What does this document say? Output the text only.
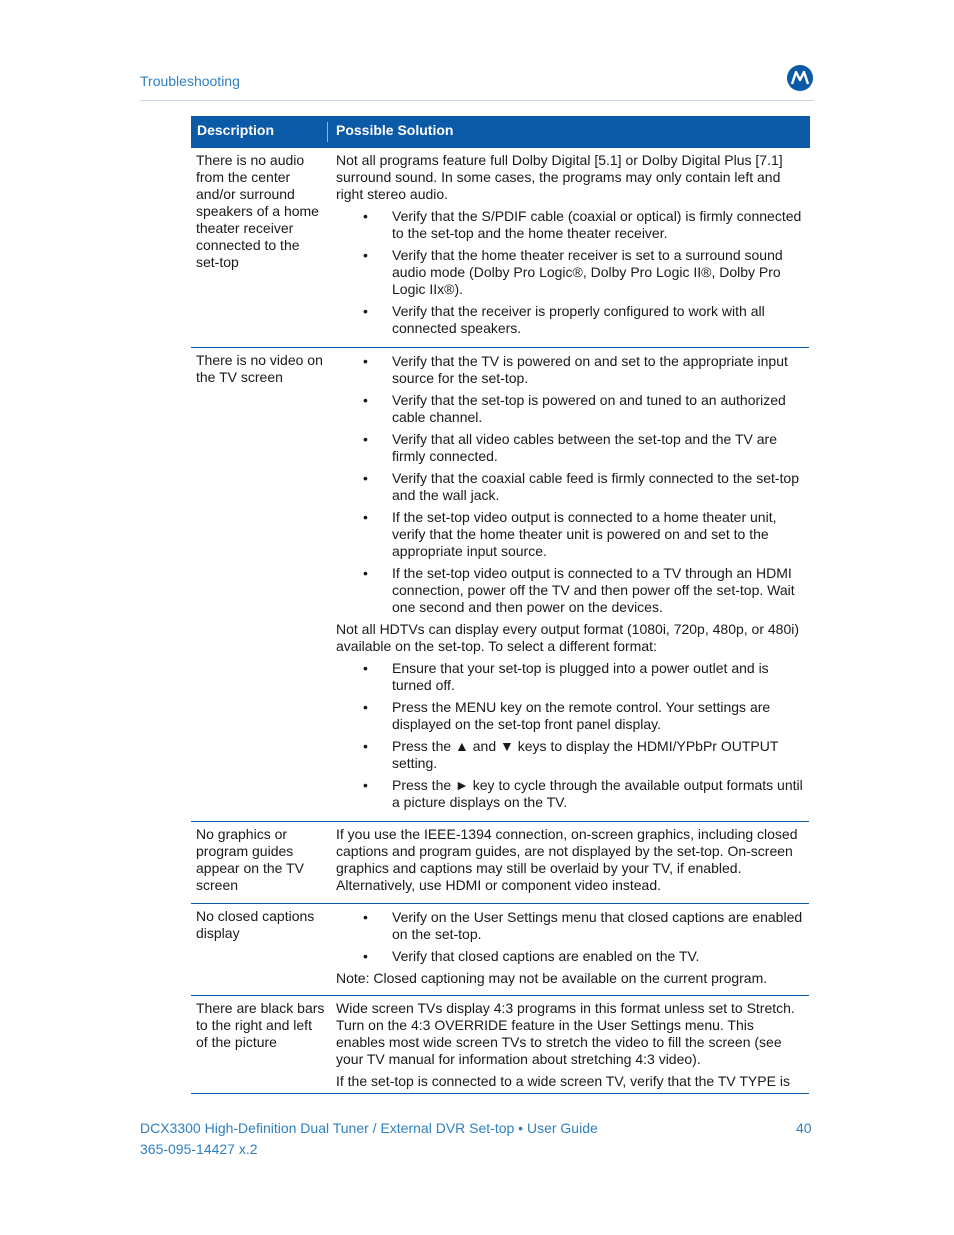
Troubleshooting
Description	Possible Solution
There is no audio from the center and/or surround speakers of a home theater receiver connected to the set-top

Not all programs feature full Dolby Digital [5.1] or Dolby Digital Plus [7.1] surround sound. In some cases, the programs may only contain left and right stereo audio.

• Verify that the S/PDIF cable (coaxial or optical) is firmly connected to the set-top and the home theater receiver.
• Verify that the home theater receiver is set to a surround sound audio mode (Dolby Pro Logic®, Dolby Pro Logic II®, Dolby Pro Logic IIx®).
• Verify that the receiver is properly configured to work with all connected speakers.
There is no video on the TV screen
• Verify that the TV is powered on and set to the appropriate input source for the set-top.
• Verify that the set-top is powered on and tuned to an authorized cable channel.
• Verify that all video cables between the set-top and the TV are firmly connected.
• Verify that the coaxial cable feed is firmly connected to the set-top and the wall jack.
• If the set-top video output is connected to a home theater unit, verify that the home theater unit is powered on and set to the appropriate input source.
• If the set-top video output is connected to a TV through an HDMI connection, power off the TV and then power off the set-top. Wait one second and then power on the devices.

Not all HDTVs can display every output format (1080i, 720p, 480p, or 480i) available on the set-top. To select a different format:

• Ensure that your set-top is plugged into a power outlet and is turned off.
• Press the MENU key on the remote control. Your settings are displayed on the set-top front panel display.
• Press the ▲ and ▼ keys to display the HDMI/YPbPr OUTPUT setting.
• Press the ► key to cycle through the available output formats until a picture displays on the TV.
No graphics or program guides appear on the TV screen

If you use the IEEE-1394 connection, on-screen graphics, including closed captions and program guides, are not displayed by the set-top. On-screen graphics and captions may still be overlaid by your TV, if enabled. Alternatively, use HDMI or component video instead.

No closed captions display
• Verify on the User Settings menu that closed captions are enabled on the set-top.
• Verify that closed captions are enabled on the TV.

Note: Closed captioning may not be available on the current program.

There are black bars to the right and left of the picture

Wide screen TVs display 4:3 programs in this format unless set to Stretch. Turn on the 4:3 OVERRIDE feature in the User Settings menu. This enables most wide screen TVs to stretch the video to fill the screen (see your TV manual for information about stretching 4:3 video).

If the set-top is connected to a wide screen TV, verify that the TV TYPE is

DCX3300 High-Definition Dual Tuner / External DVR Set-top • User Guide
365-095-14427 x.2
40
